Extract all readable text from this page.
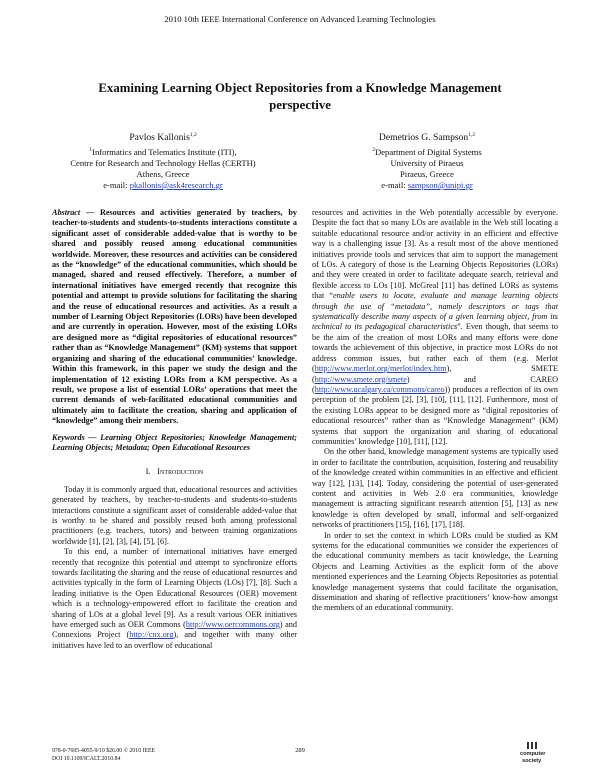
2010 10th IEEE International Conference on Advanced Learning Technologies
Examining Learning Object Repositories from a Knowledge Management perspective
Pavlos Kallonis$^{1,2}$
$^1$Informatics and Telematics Institute (ITI),
Centre for Research and Technology Hellas (CERTH)
Athens, Greece
e-mail: pkallonis@ask4research.gr
Demetrios G. Sampson$^{1,2}$
$^2$Department of Digital Systems
University of Piraeus
Piraeus, Greece
e-mail: sampson@unipi.gr

Abstract — Resources and activities generated by teachers, by teacher-to-students and students-to-students interactions constitute a significant asset of considerable added-value that is worthy to be shared and possibly reused among educational communities worldwide. Moreover, these resources and activities can be considered as the “knowledge” of the educational communities, which should be managed, shared and reused effectively. Therefore, a number of international initiatives have emerged recently that recognize this potential and attempt to provide solutions for facilitating the sharing and the reuse of educational resources and activities. As a result a number of Learning Object Repositories (LORs) have been developed and are currently in operation. However, most of the existing LORs are designed more as “digital repositories of educational resources” rather than as “Knowledge Management” (KM) systems that support organizing and sharing of the educational communities’ knowledge. Within this framework, in this paper we study the design and the implementation of 12 existing LORs from a KM perspective. As a result, we propose a list of essential LORs’ operations that meet the current demands of web-facilitated educational communities and ultimately aim to facilitate the creation, sharing and application of “knowledge” among their members.

Keywords — Learning Object Repositories; Knowledge Management; Learning Objects; Metadata; Open Educational Resources

I. Introduction

Today it is commonly argued that, educational resources and activities generated by teachers, by teacher-to-students and students-to-students interactions constitute a significant asset of considerable added-value that is worthy to be shared and possibly reused both among professional practitioners (e.g. teachers, tutors) and between training organizations worldwide [1], [2], [3], [4], [5], [6].

To this end, a number of international initiatives have emerged recently that recognize this potential and attempt to synchronize efforts towards facilitating the sharing and the reuse of educational resources and activities typically in the form of Learning Objects (LOs) [7], [8]. Such a leading initiative is the Open Educational Resources (OER) movement which is a technology-empowered effort to facilitate the creation and sharing of LOs at a global level [9]. As a result various OER initiatives have emerged such as OER Commons (http://www.oercommons.org) and Connexions Project (http://cnx.org), and together with many other initiatives have led to an overflow of educational

resources and activities in the Web potentially accessible by everyone. Despite the fact that so many LOs are available in the Web still locating a suitable educational resource and/or activity in an efficient and effective way is a challenging issue [3]. As a result most of the above mentioned initiatives provide tools and services that aim to support the management of LOs. A category of those is the Learning Objects Repositories (LORs) and they were created in order to facilitate adequate search, retrieval and flexible access to LOs [10]. McGreal [11] has defined LORs as systems that “enable users to locate, evaluate and manage learning objects through the use of “metadata”, namely descriptors or tags that systematically describe many aspects of a given learning object, from its technical to its pedagogical characteristics”. Even though, that seems to be the aim of the creation of most LORs and many efforts were done towards the achievement of this objective, in practice most LORs do not address common issues, but rather each of them (e.g. Merlot (http://www.merlot.org/merlot/index.htm), SMETE (http://www.smete.org/smete) and CAREO (http://www.ucalgary.ca/commons/careo)) produces a reflection of its own perception of the problem [2], [3], [10], [11], [12]. Furthermore, most of the existing LORs appear to be designed more as “digital repositories of educational resources” rather than as “Knowledge Management” (KM) systems that support the organization and sharing of educational communities’ knowledge [10], [11], [12].

On the other hand, knowledge management systems are typically used in order to facilitate the contribution, acquisition, fostering and reusability of the knowledge created within communities in an effective and efficient way [12], [13], [14]. Today, considering the potential of user-generated content and activities in Web 2.0 era communities, knowledge management is attracting significant research attention [5], [13] as new knowledge is often developed by small, informal and self-organized networks of practitioners [15], [16], [17], [18].

In order to set the context in which LORs could be studied as KM systems for the educational communities we consider the experiences of the educational community members as tacit knowledge, the Learning Objects and Learning Activities as the explicit form of the above mentioned experiences and the Learning Objects Repositories as potential knowledge management systems that could facilitate the organisation, dissemination and sharing of reflective practitioners’ know-how amongst the members of an educational community.

978-0-7695-4055-9/10 $26.00 © 2010 IEEE
DOI 10.1109/ICALT.2010.84
289	computer
society
